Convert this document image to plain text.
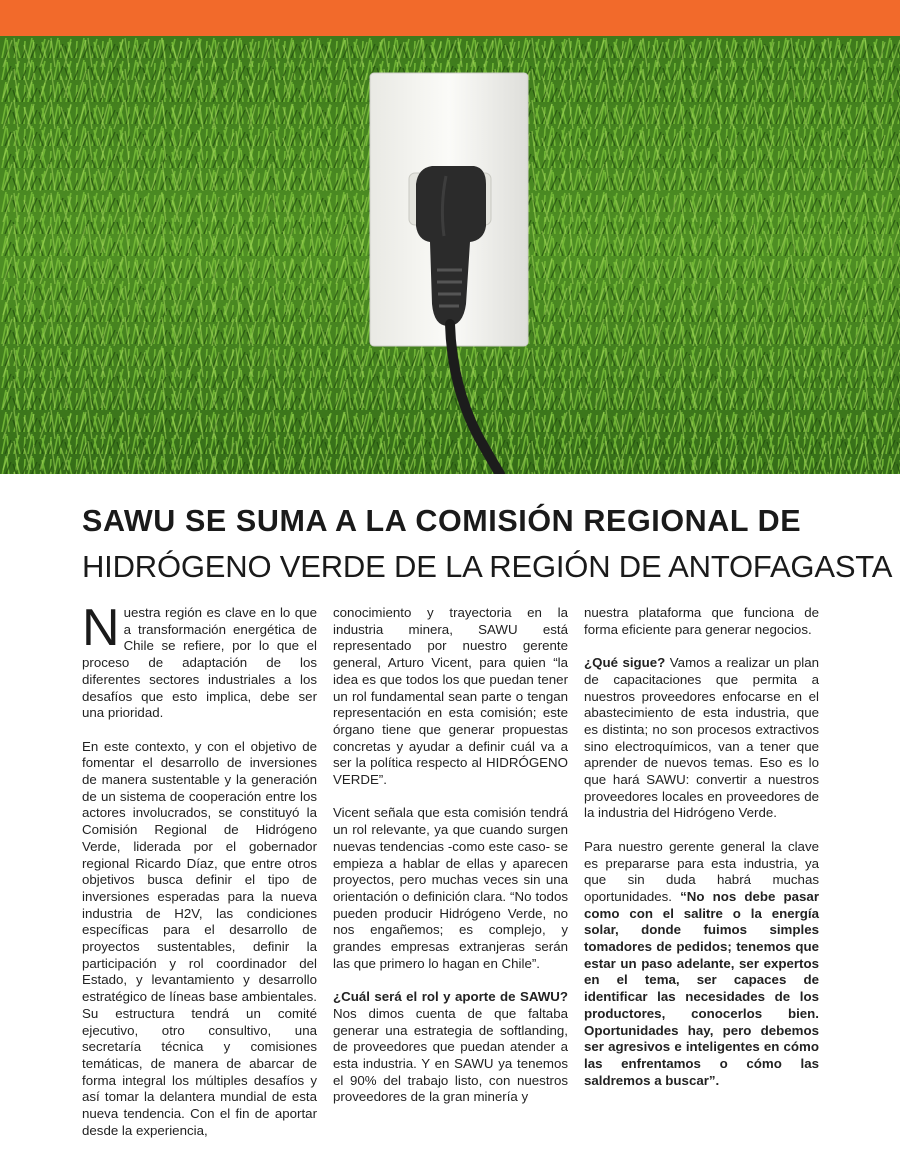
SAWU SE SUMA A LA COMISIÓN REGIONAL DE
HIDRÓGENO VERDE DE LA REGIÓN DE ANTOFAGASTA

Nuestra región es clave en lo que a transformación energética de Chile se refiere, por lo que el proceso de adaptación de los diferentes sectores industriales a los desafíos que esto implica, debe ser una prioridad.

En este contexto, y con el objetivo de fomentar el desarrollo de inversiones de manera sustentable y la generación de un sistema de cooperación entre los actores involucrados, se constituyó la Comisión Regional de Hidrógeno Verde, liderada por el gobernador regional Ricardo Díaz, que entre otros objetivos busca definir el tipo de inversiones esperadas para la nueva industria de H2V, las condiciones específicas para el desarrollo de proyectos sustentables, definir la participación y rol coordinador del Estado, y levantamiento y desarrollo estratégico de líneas base ambientales. Su estructura tendrá un comité ejecutivo, otro consultivo, una secretaría técnica y comisiones temáticas, de manera de abarcar de forma integral los múltiples desafíos y así tomar la delantera mundial de esta nueva tendencia. Con el fin de aportar desde la experiencia,

conocimiento y trayectoria en la industria minera, SAWU está representado por nuestro gerente general, Arturo Vicent, para quien “la idea es que todos los que puedan tener un rol fundamental sean parte o tengan representación en esta comisión; este órgano tiene que generar propuestas concretas y ayudar a definir cuál va a ser la política respecto al HIDRÓGENO VERDE”.

Vicent señala que esta comisión tendrá un rol relevante, ya que cuando surgen nuevas tendencias -como este caso- se empieza a hablar de ellas y aparecen proyectos, pero muchas veces sin una orientación o definición clara. “No todos pueden producir Hidrógeno Verde, no nos engañemos; es complejo, y grandes empresas extranjeras serán las que primero lo hagan en Chile”.

¿Cuál será el rol y aporte de SAWU? Nos dimos cuenta de que faltaba generar una estrategia de softlanding, de proveedores que puedan atender a esta industria. Y en SAWU ya tenemos el 90% del trabajo listo, con nuestros proveedores de la gran minería y

nuestra plataforma que funciona de forma eficiente para generar negocios.

¿Qué sigue? Vamos a realizar un plan de capacitaciones que permita a nuestros proveedores enfocarse en el abastecimiento de esta industria, que es distinta; no son procesos extractivos sino electroquímicos, van a tener que aprender de nuevos temas. Eso es lo que hará SAWU: convertir a nuestros proveedores locales en proveedores de la industria del Hidrógeno Verde.

Para nuestro gerente general la clave es prepararse para esta industria, ya que sin duda habrá muchas oportunidades. “No nos debe pasar como con el salitre o la energía solar, donde fuimos simples tomadores de pedidos; tenemos que estar un paso adelante, ser expertos en el tema, ser capaces de identificar las necesidades de los productores, conocerlos bien. Oportunidades hay, pero debemos ser agresivos e inteligentes en cómo las enfrentamos o cómo las saldremos a buscar”.
